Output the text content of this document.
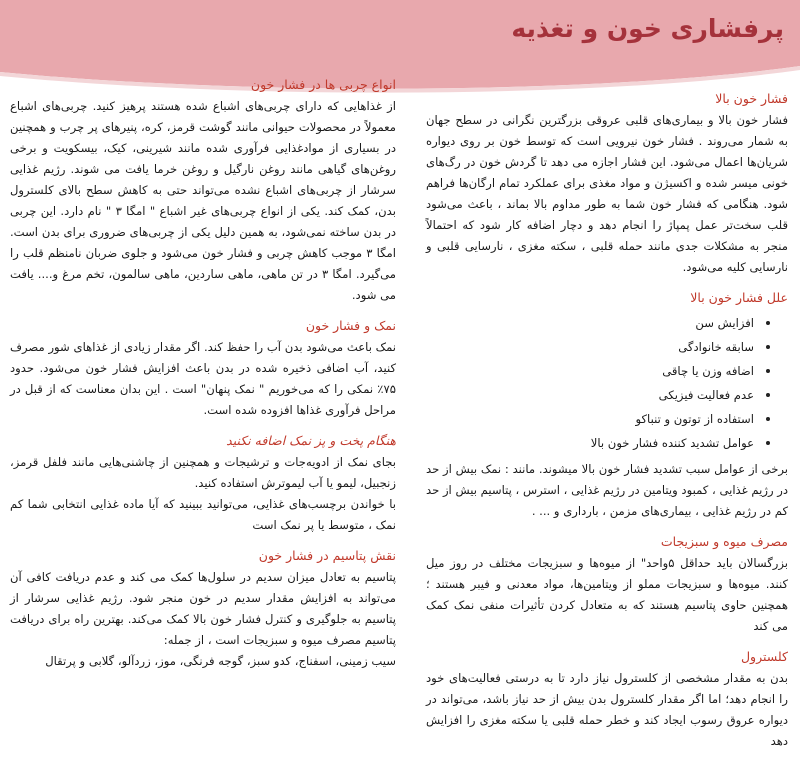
پرفشاری خون و تغذیه
فشار خون بالا

فشار خون بالا و بیماری‌های قلبی عروقی بزرگترین نگرانی در سطح جهان به شمار می‌روند . فشار خون نیرویی است که توسط خون بر روی دیواره شریان‌ها اعمال می‌شود. این فشار اجازه می دهد تا گردش خون در رگ‌های خونی میسر شده و اکسیژن و مواد مغذی برای عملکرد تمام ارگان‌ها فراهم شود. هنگامی که فشار خون شما به طور مداوم بالا بماند ، باعث می‌شود قلب سخت‌تر عمل پمپاژ را انجام دهد و دچار اضافه کار شود که احتمالاً منجر به مشکلات جدی مانند حمله قلبی ، سکته مغزی ، نارسایی قلبی و نارسایی کلیه می‌شود.

علل فشار خون بالا
افزایش سن
سابقه خانوادگی
اضافه وزن یا چاقی
عدم فعالیت فیزیکی
استفاده از توتون و تنباکو
عوامل تشدید کننده فشار خون بالا

برخی از عوامل سبب تشدید فشار خون بالا میشوند. مانند : نمک بیش از حد در رژیم غذایی ، کمبود ویتامین در رژیم غذایی ، استرس ، پتاسیم بیش از حد کم در رژیم غذایی ، بیماری‌های مزمن ، بارداری و ... .

مصرف میوه و سبزیجات

بزرگسالان باید حداقل ۵واحد" از میوه‌ها و سبزیجات مختلف در روز میل کنند. میوه‌ها و سبزیجات مملو از ویتامین‌ها، مواد معدنی و فیبر هستند ؛ همچنین حاوی پتاسیم هستند که به متعادل کردن تأثیرات منفی نمک کمک می کند

کلسترول

بدن به مقدار مشخصی از کلسترول نیاز دارد تا به درستی فعالیت‌های خود را انجام دهد؛ اما اگر مقدار کلسترول بدن بیش از حد نیاز باشد، می‌تواند در دیواره عروق رسوب ایجاد کند و خطر حمله قلبی یا سکته مغزی را افزایش دهد

انواع چربی ها در فشار خون

از غذاهایی که دارای چربی‌های اشباع شده هستند پرهیز کنید. چربی‌های اشباع معمولاً در محصولات حیوانی مانند گوشت قرمز، کره، پنیرهای پر چرب و همچنین در بسیاری از موادغذایی فرآوری شده مانند شیرینی، کیک، بیسکویت و برخی روغن‌های گیاهی مانند روغن نارگیل و روغن خرما یافت می شوند. رژیم غذایی سرشار از چربی‌های اشباع نشده می‌تواند حتی به کاهش سطح بالای کلسترول بدن، کمک کند. یکی از انواع چربی‌های غیر اشباع " امگا ۳ " نام دارد. این چربی در بدن ساخته نمی‌شود، به همین دلیل یکی از چربی‌های ضروری برای بدن است. امگا ۳ موجب کاهش چربی و فشار خون می‌شود و جلوی ضربان نامنظم قلب را می‌گیرد. امگا ۳ در تن ماهی، ماهی ساردین، ماهی سالمون، تخم مرغ و.... یافت می شود.

نمک و فشار خون

نمک باعث می‌شود بدن آب را حفظ کند. اگر مقدار زیادی از غذاهای شور مصرف کنید، آب اضافی ذخیره شده در بدن باعث افزایش فشار خون می‌شود. حدود ۷۵٪ نمکی را که می‌خوریم " نمک پنهان" است . این بدان معناست که از قبل در مراحل فرآوری غذاها افزوده شده است.

هنگام پخت و پز نمک اضافه نکنید

بجای نمک از ادویه‌جات و ترشیجات و همچنین از چاشنی‌هایی مانند فلفل قرمز، زنجبیل، لیمو یا آب لیموترش استفاده کنید.

با خواندن برچسب‌های غذایی، می‌توانید ببینید که آیا ماده غذایی انتخابی شما کم نمک ، متوسط یا پر نمک است

نقش پتاسیم در فشار خون

پتاسیم به تعادل میزان سدیم در سلول‌ها کمک می کند و عدم دریافت کافی آن می‌تواند به افزایش مقدار سدیم در خون منجر شود. رژیم غذایی سرشار از پتاسیم به جلوگیری و کنترل فشار خون بالا کمک می‌کند. بهترین راه برای دریافت پتاسیم مصرف میوه و سبزیجات است ، از جمله:

سیب زمینی، اسفناج، کدو سبز، گوجه فرنگی، موز، زردآلو، گلابی و پرتقال
